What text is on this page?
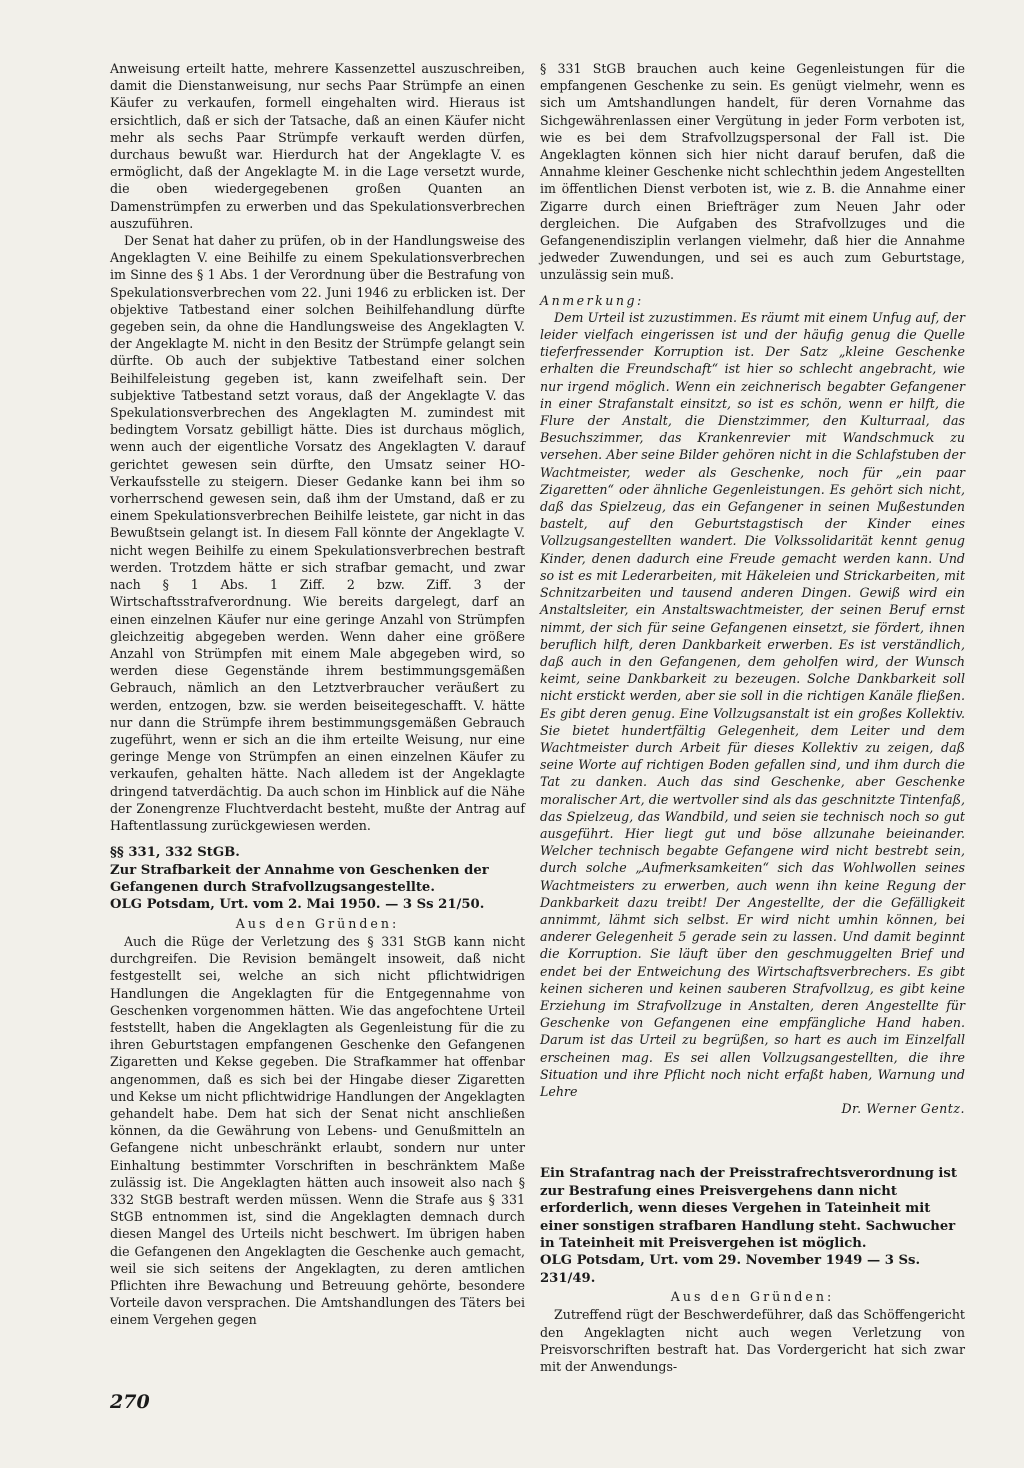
Anweisung erteilt hatte, mehrere Kassenzettel auszuschreiben, damit die Dienstanweisung, nur sechs Paar Strümpfe an einen Käufer zu verkaufen, formell eingehalten wird. Hieraus ist ersichtlich, daß er sich der Tatsache, daß an einen Käufer nicht mehr als sechs Paar Strümpfe verkauft werden dürfen, durchaus bewußt war. Hierdurch hat der Angeklagte V. es ermöglicht, daß der Angeklagte M. in die Lage versetzt wurde, die oben wiedergegebenen großen Quanten an Damenstrümpfen zu erwerben und das Spekulationsverbrechen auszuführen.

Der Senat hat daher zu prüfen, ob in der Handlungsweise des Angeklagten V. eine Beihilfe zu einem Spekulationsverbrechen im Sinne des § 1 Abs. 1 der Verordnung über die Bestrafung von Spekulationsverbrechen vom 22. Juni 1946 zu erblicken ist. Der objektive Tatbestand einer solchen Beihilfehandlung dürfte gegeben sein, da ohne die Handlungsweise des Angeklagten V. der Angeklagte M. nicht in den Besitz der Strümpfe gelangt sein dürfte. Ob auch der subjektive Tatbestand einer solchen Beihilfeleistung gegeben ist, kann zweifelhaft sein. Der subjektive Tatbestand setzt voraus, daß der Angeklagte V. das Spekulationsverbrechen des Angeklagten M. zumindest mit bedingtem Vorsatz gebilligt hätte. Dies ist durchaus möglich, wenn auch der eigentliche Vorsatz des Angeklagten V. darauf gerichtet gewesen sein dürfte, den Umsatz seiner HO-Verkaufsstelle zu steigern. Dieser Gedanke kann bei ihm so vorherrschend gewesen sein, daß ihm der Umstand, daß er zu einem Spekulationsverbrechen Beihilfe leistete, gar nicht in das Bewußtsein gelangt ist. In diesem Fall könnte der Angeklagte V. nicht wegen Beihilfe zu einem Spekulationsverbrechen bestraft werden. Trotzdem hätte er sich strafbar gemacht, und zwar nach § 1 Abs. 1 Ziff. 2 bzw. Ziff. 3 der Wirtschaftsstrafverordnung. Wie bereits dargelegt, darf an einen einzelnen Käufer nur eine geringe Anzahl von Strümpfen gleichzeitig abgegeben werden. Wenn daher eine größere Anzahl von Strümpfen mit einem Male abgegeben wird, so werden diese Gegenstände ihrem bestimmungsgemäßen Gebrauch, nämlich an den Letztverbraucher veräußert zu werden, entzogen, bzw. sie werden beiseitegeschafft. V. hätte nur dann die Strümpfe ihrem bestimmungsgemäßen Gebrauch zugeführt, wenn er sich an die ihm erteilte Weisung, nur eine geringe Menge von Strümpfen an einen einzelnen Käufer zu verkaufen, gehalten hätte. Nach alledem ist der Angeklagte dringend tatverdächtig. Da auch schon im Hinblick auf die Nähe der Zonengrenze Fluchtverdacht besteht, mußte der Antrag auf Haftentlassung zurückgewiesen werden.

§§ 331, 332 StGB.
Zur Strafbarkeit der Annahme von Geschenken der Gefangenen durch Strafvollzugsangestellte.

OLG Potsdam, Urt. vom 2. Mai 1950. — 3 Ss 21/50.

Aus den Gründen:

Auch die Rüge der Verletzung des § 331 StGB kann nicht durchgreifen. Die Revision bemängelt insoweit, daß nicht festgestellt sei, welche an sich nicht pflichtwidrigen Handlungen die Angeklagten für die Entgegennahme von Geschenken vorgenommen hätten. Wie das angefochtene Urteil feststellt, haben die Angeklagten als Gegenleistung für die zu ihren Geburtstagen empfangenen Geschenke den Gefangenen Zigaretten und Kekse gegeben. Die Strafkammer hat offenbar angenommen, daß es sich bei der Hingabe dieser Zigaretten und Kekse um nicht pflichtwidrige Handlungen der Angeklagten gehandelt habe. Dem hat sich der Senat nicht anschließen können, da die Gewährung von Lebens- und Genußmitteln an Gefangene nicht unbeschränkt erlaubt, sondern nur unter Einhaltung bestimmter Vorschriften in beschränktem Maße zulässig ist. Die Angeklagten hätten auch insoweit also nach § 332 StGB bestraft werden müssen. Wenn die Strafe aus § 331 StGB entnommen ist, sind die Angeklagten demnach durch diesen Mangel des Urteils nicht beschwert. Im übrigen haben die Gefangenen den Angeklagten die Geschenke auch gemacht, weil sie sich seitens der Angeklagten, zu deren amtlichen Pflichten ihre Bewachung und Betreuung gehörte, besondere Vorteile davon versprachen. Die Amtshandlungen des Täters bei einem Vergehen gegen

§ 331 StGB brauchen auch keine Gegenleistungen für die empfangenen Geschenke zu sein. Es genügt vielmehr, wenn es sich um Amtshandlungen handelt, für deren Vornahme das Sichgewährenlassen einer Vergütung in jeder Form verboten ist, wie es bei dem Strafvollzugspersonal der Fall ist. Die Angeklagten können sich hier nicht darauf berufen, daß die Annahme kleiner Geschenke nicht schlechthin jedem Angestellten im öffentlichen Dienst verboten ist, wie z. B. die Annahme einer Zigarre durch einen Briefträger zum Neuen Jahr oder dergleichen. Die Aufgaben des Strafvollzuges und die Gefangenendisziplin verlangen vielmehr, daß hier die Annahme jedweder Zuwendungen, und sei es auch zum Geburtstage, unzulässig sein muß.

Anmerkung:

Dem Urteil ist zuzustimmen. Es räumt mit einem Unfug auf, der leider vielfach eingerissen ist und der häufig genug die Quelle tieferfressender Korruption ist. Der Satz „kleine Geschenke erhalten die Freundschaft“ ist hier so schlecht angebracht, wie nur irgend möglich. Wenn ein zeichnerisch begabter Gefangener in einer Strafanstalt einsitzt, so ist es schön, wenn er hilft, die Flure der Anstalt, die Dienstzimmer, den Kulturraal, das Besuchszimmer, das Krankenrevier mit Wandschmuck zu versehen. Aber seine Bilder gehören nicht in die Schlafstuben der Wachtmeister, weder als Geschenke, noch für „ein paar Zigaretten“ oder ähnliche Gegenleistungen. Es gehört sich nicht, daß das Spielzeug, das ein Gefangener in seinen Mußestunden bastelt, auf den Geburtstagstisch der Kinder eines Vollzugsangestellten wandert. Die Volkssolidarität kennt genug Kinder, denen dadurch eine Freude gemacht werden kann. Und so ist es mit Lederarbeiten, mit Häkeleien und Strickarbeiten, mit Schnitzarbeiten und tausend anderen Dingen. Gewiß wird ein Anstaltsleiter, ein Anstaltswachtmeister, der seinen Beruf ernst nimmt, der sich für seine Gefangenen einsetzt, sie fördert, ihnen beruflich hilft, deren Dankbarkeit erwerben. Es ist verständlich, daß auch in den Gefangenen, dem geholfen wird, der Wunsch keimt, seine Dankbarkeit zu bezeugen. Solche Dankbarkeit soll nicht erstickt werden, aber sie soll in die richtigen Kanäle fließen. Es gibt deren genug. Eine Vollzugsanstalt ist ein großes Kollektiv. Sie bietet hundertfältig Gelegenheit, dem Leiter und dem Wachtmeister durch Arbeit für dieses Kollektiv zu zeigen, daß seine Worte auf richtigen Boden gefallen sind, und ihm durch die Tat zu danken. Auch das sind Geschenke, aber Geschenke moralischer Art, die wertvoller sind als das geschnitzte Tintenfaß, das Spielzeug, das Wandbild, und seien sie technisch noch so gut ausgeführt. Hier liegt gut und böse allzunahe beieinander. Welcher technisch begabte Gefangene wird nicht bestrebt sein, durch solche „Aufmerksamkeiten“ sich das Wohlwollen seines Wachtmeisters zu erwerben, auch wenn ihn keine Regung der Dankbarkeit dazu treibt! Der Angestellte, der die Gefälligkeit annimmt, lähmt sich selbst. Er wird nicht umhin können, bei anderer Gelegenheit 5 gerade sein zu lassen. Und damit beginnt die Korruption. Sie läuft über den geschmuggelten Brief und endet bei der Entweichung des Wirtschaftsverbrechers. Es gibt keinen sicheren und keinen sauberen Strafvollzug, es gibt keine Erziehung im Strafvollzuge in Anstalten, deren Angestellte für Geschenke von Gefangenen eine empfängliche Hand haben. Darum ist das Urteil zu begrüßen, so hart es auch im Einzelfall erscheinen mag. Es sei allen Vollzugsangestellten, die ihre Situation und ihre Pflicht noch nicht erfaßt haben, Warnung und Lehre

Dr. Werner Gentz.

Ein Strafantrag nach der Preisstrafrechtsverordnung ist zur Bestrafung eines Preisvergehens dann nicht erforderlich, wenn dieses Vergehen in Tateinheit mit einer sonstigen strafbaren Handlung steht. Sachwucher in Tateinheit mit Preisvergehen ist möglich.

OLG Potsdam, Urt. vom 29. November 1949 — 3 Ss. 231/49.

Aus den Gründen:

Zutreffend rügt der Beschwerdeführer, daß das Schöffengericht den Angeklagten nicht auch wegen Verletzung von Preisvorschriften bestraft hat. Das Vordergericht hat sich zwar mit der Anwendungs-

270
